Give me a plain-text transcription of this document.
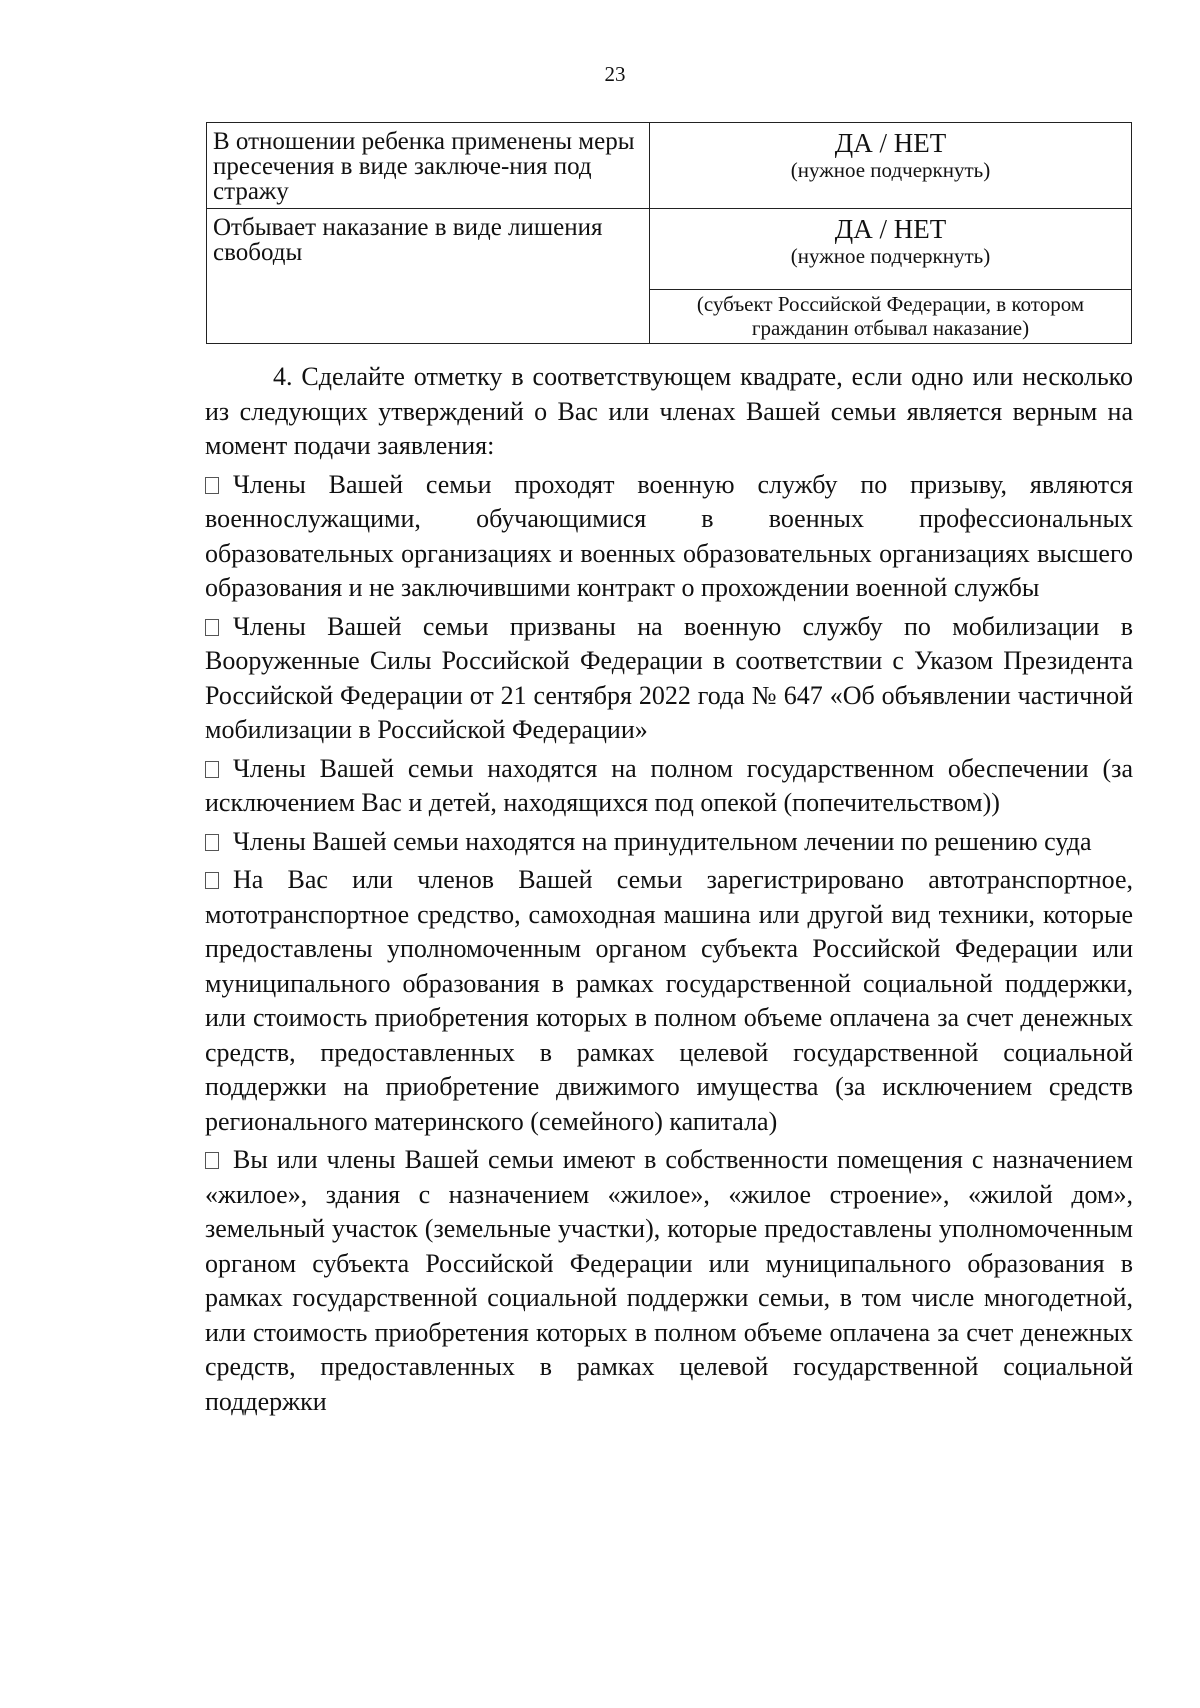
23
В отношении ребенка применены меры пресечения в виде заключе-ния под стражу	ДА / НЕТ
(нужное подчеркнуть)

Отбывает наказание в виде лишения свободы	ДА / НЕТ
(нужное подчеркнуть)
(субъект Российской Федерации, в котором гражданин отбывал наказание)

4. Сделайте отметку в соответствующем квадрате, если одно или несколько из следующих утверждений о Вас или членах Вашей семьи является верным на момент подачи заявления:

Члены Вашей семьи проходят военную службу по призыву, являются военнослужащими, обучающимися в военных профессиональных образовательных организациях и военных образовательных организациях высшего образования и не заключившими контракт о прохождении военной службы

Члены Вашей семьи призваны на военную службу по мобилизации в Вооруженные Силы Российской Федерации в соответствии с Указом Президента Российской Федерации от 21 сентября 2022 года № 647 «Об объявлении частичной мобилизации в Российской Федерации»

Члены Вашей семьи находятся на полном государственном обеспечении (за исключением Вас и детей, находящихся под опекой (попечительством))

Члены Вашей семьи находятся на принудительном лечении по решению суда

На Вас или членов Вашей семьи зарегистрировано автотранспортное, мототранспортное средство, самоходная машина или другой вид техники, которые предоставлены уполномоченным органом субъекта Российской Федерации или муниципального образования в рамках государственной социальной поддержки, или стоимость приобретения которых в полном объеме оплачена за счет денежных средств, предоставленных в рамках целевой государственной социальной поддержки на приобретение движимого имущества (за исключением средств регионального материнского (семейного) капитала)

Вы или члены Вашей семьи имеют в собственности помещения с назначением «жилое», здания с назначением «жилое», «жилое строение», «жилой дом», земельный участок (земельные участки), которые предоставлены уполномоченным органом субъекта Российской Федерации или муниципального образования в рамках государственной социальной поддержки семьи, в том числе многодетной, или стоимость приобретения которых в полном объеме оплачена за счет денежных средств, предоставленных в рамках целевой государственной социальной поддержки
